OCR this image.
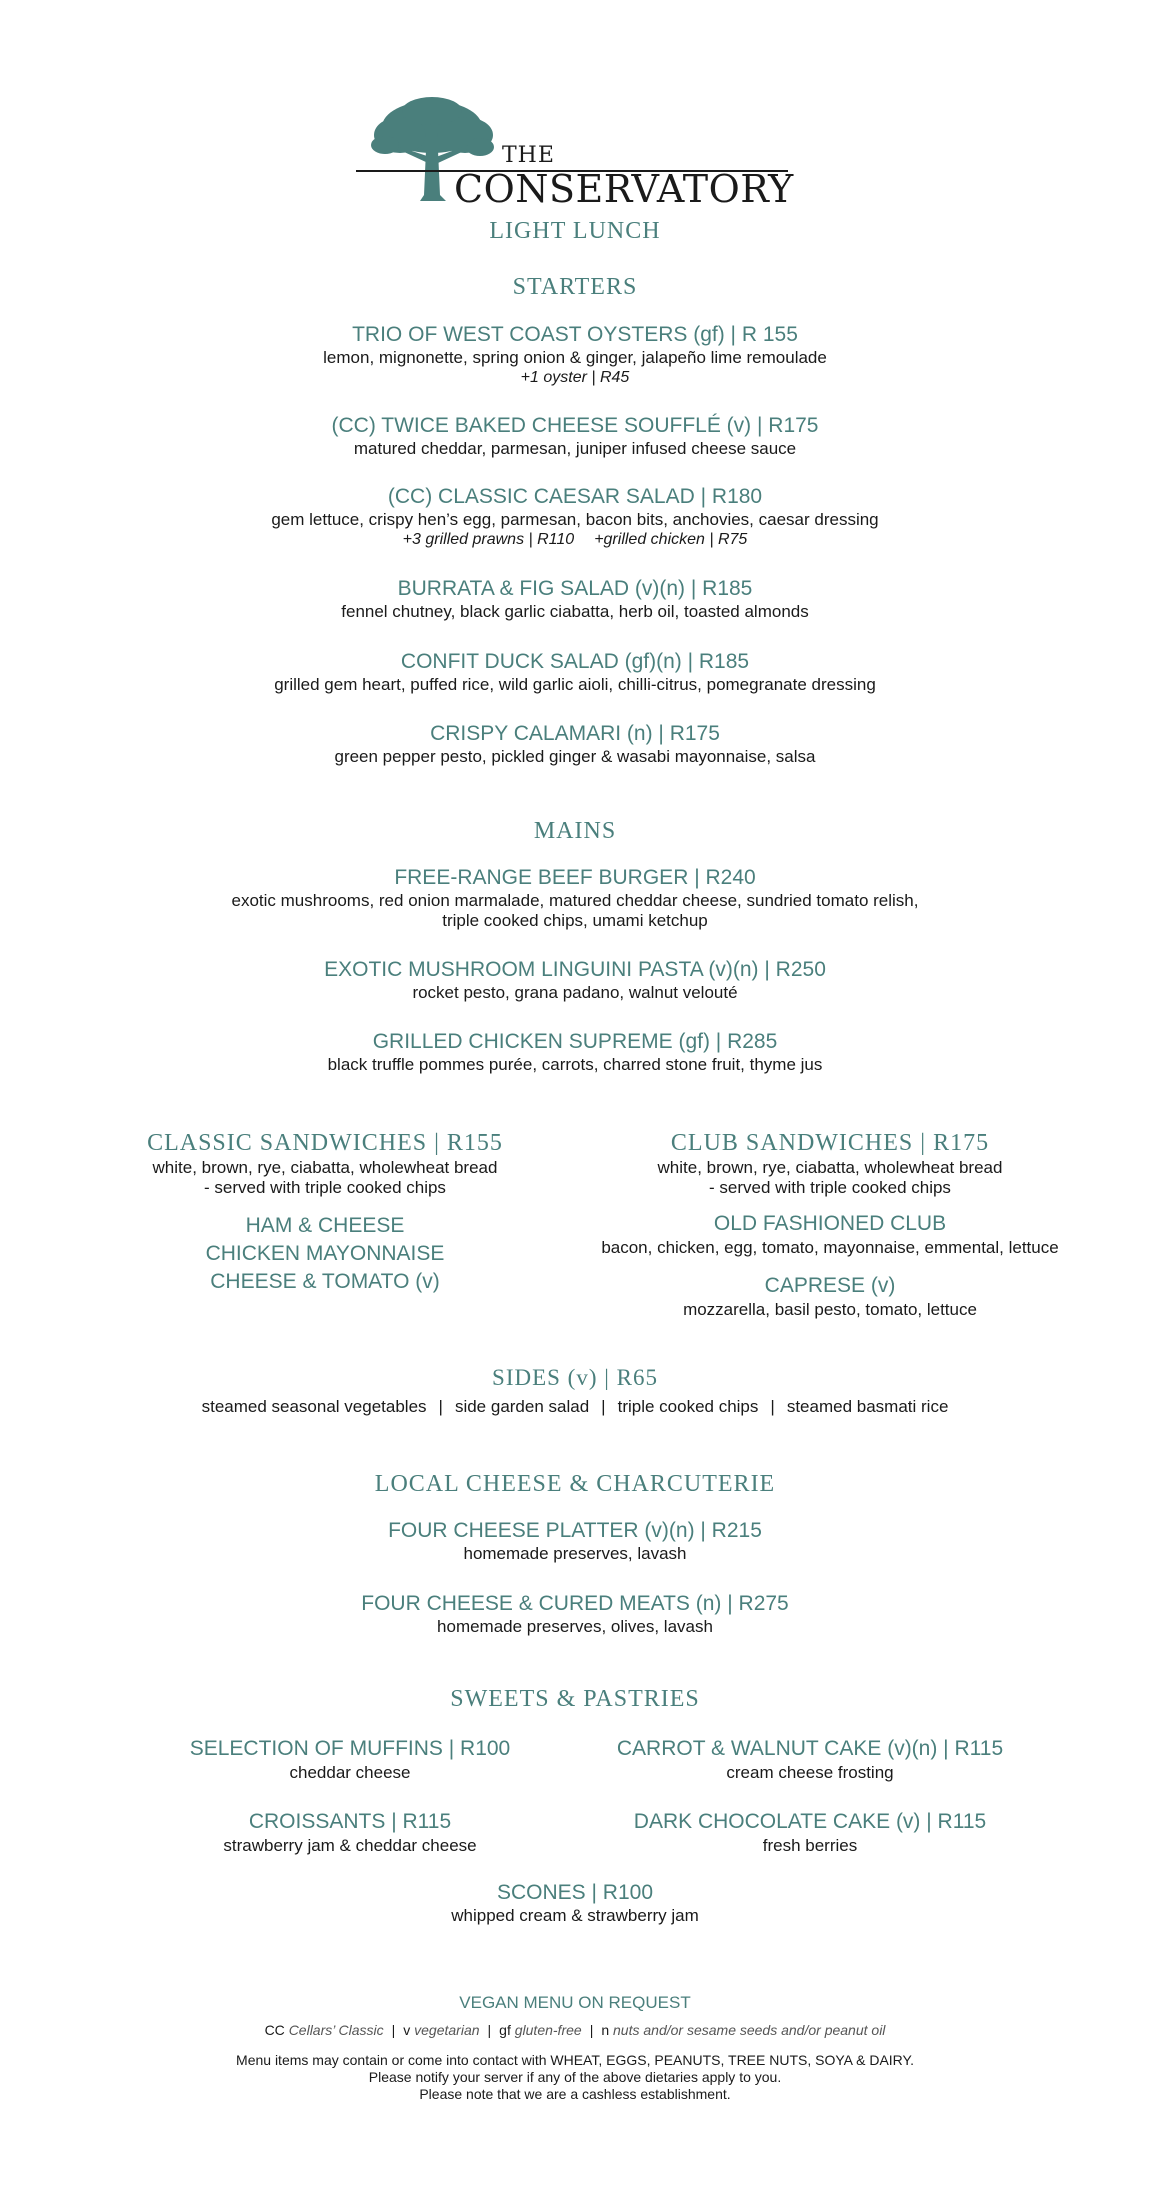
THE
CONSERVATORY
LIGHT LUNCH
STARTERS
TRIO OF WEST COAST OYSTERS (gf) | R 155
lemon, mignonette, spring onion & ginger, jalapeño lime remoulade
+1 oyster | R45
(CC) TWICE BAKED CHEESE SOUFFLÉ (v) | R175
matured cheddar, parmesan, juniper infused cheese sauce
(CC) CLASSIC CAESAR SALAD | R180
gem lettuce, crispy hen’s egg, parmesan, bacon bits, anchovies, caesar dressing
+3 grilled prawns | R110 +grilled chicken | R75
BURRATA & FIG SALAD (v)(n) | R185
fennel chutney, black garlic ciabatta, herb oil, toasted almonds
CONFIT DUCK SALAD (gf)(n) | R185
grilled gem heart, puffed rice, wild garlic aioli, chilli-citrus, pomegranate dressing
CRISPY CALAMARI (n) | R175
green pepper pesto, pickled ginger & wasabi mayonnaise, salsa
MAINS
FREE-RANGE BEEF BURGER | R240
exotic mushrooms, red onion marmalade, matured cheddar cheese, sundried tomato relish,
triple cooked chips, umami ketchup
EXOTIC MUSHROOM LINGUINI PASTA (v)(n) | R250
rocket pesto, grana padano, walnut velouté
GRILLED CHICKEN SUPREME (gf) | R285
black truffle pommes purée, carrots, charred stone fruit, thyme jus
CLASSIC SANDWICHES | R155
white, brown, rye, ciabatta, wholewheat bread
- served with triple cooked chips
HAM & CHEESE
CHICKEN MAYONNAISE
CHEESE & TOMATO (v)
CLUB SANDWICHES | R175
white, brown, rye, ciabatta, wholewheat bread
- served with triple cooked chips
OLD FASHIONED CLUB
bacon, chicken, egg, tomato, mayonnaise, emmental, lettuce
CAPRESE (v)
mozzarella, basil pesto, tomato, lettuce
SIDES (v) | R65
steamed seasonal vegetables | side garden salad | triple cooked chips | steamed basmati rice
LOCAL CHEESE & CHARCUTERIE
FOUR CHEESE PLATTER (v)(n) | R215
homemade preserves, lavash
FOUR CHEESE & CURED MEATS (n) | R275
homemade preserves, olives, lavash
SWEETS & PASTRIES
SELECTION OF MUFFINS | R100
cheddar cheese
CARROT & WALNUT CAKE (v)(n) | R115
cream cheese frosting
CROISSANTS | R115
strawberry jam & cheddar cheese
DARK CHOCOLATE CAKE (v) | R115
fresh berries
SCONES | R100
whipped cream & strawberry jam
VEGAN MENU ON REQUEST
CC Cellars’ Classic | v vegetarian | gf gluten-free | n nuts and/or sesame seeds and/or peanut oil
Menu items may contain or come into contact with WHEAT, EGGS, PEANUTS, TREE NUTS, SOYA & DAIRY.
Please notify your server if any of the above dietaries apply to you.
Please note that we are a cashless establishment.
